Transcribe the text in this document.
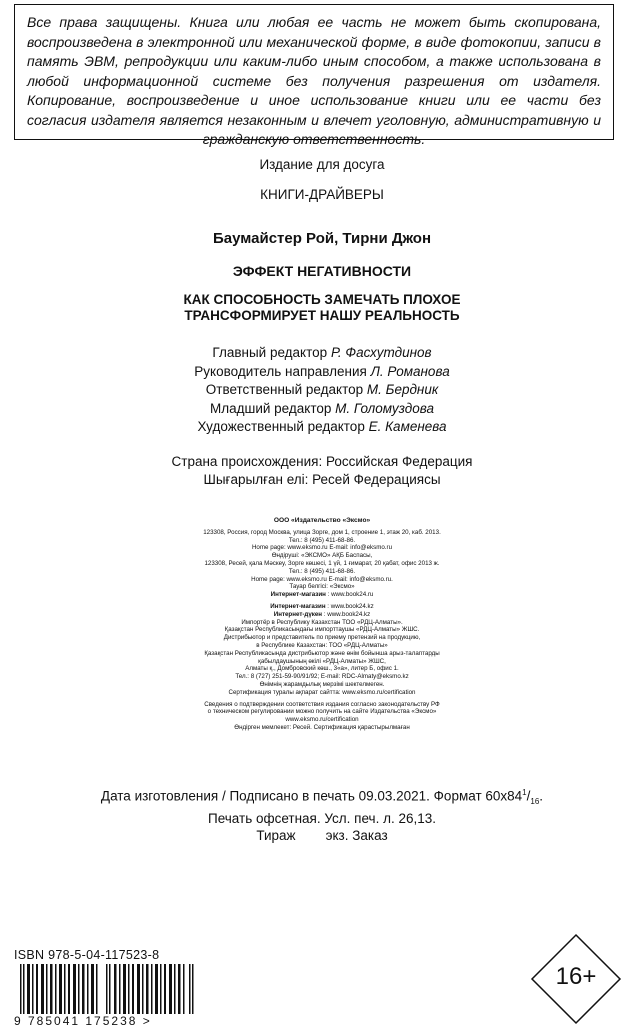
Все права защищены. Книга или любая ее часть не может быть скопирована, воспроизведена в электронной или механической форме, в виде фотокопии, записи в память ЭВМ, репродукции или каким-либо иным способом, а также использована в любой информационной системе без получения разрешения от издателя. Копирование, воспроизведение и иное использование книги или ее части без согласия издателя является незаконным и влечет уголовную, административную и гражданскую ответственность.
Издание для досуга
КНИГИ-ДРАЙВЕРЫ
Баумайстер Рой, Тирни Джон
ЭФФЕКТ НЕГАТИВНОСТИ
КАК СПОСОБНОСТЬ ЗАМЕЧАТЬ ПЛОХОЕ
ТРАНСФОРМИРУЕТ НАШУ РЕАЛЬНОСТЬ
Главный редактор Р. Фасхутдинов
Руководитель направления Л. Романова
Ответственный редактор М. Бердник
Младший редактор М. Голомуздова
Художественный редактор Е. Каменева
Страна происхождения: Российская Федерация
Шығарылған елі: Ресей Федерациясы
ООО «Издательство «Эксмо»
123308, Россия, город Москва, улица Зорге, дом 1, строение 1, этаж 20, каб. 2013.
Тел.: 8 (495) 411-68-86.
Home page: www.eksmo.ru E-mail: info@eksmo.ru
Өндіруші: «ЭКСМО» АҚБ Баспасы,
123308, Ресей, қала Мәскеу, Зорге көшесі, 1 үй, 1 ғимарат, 20 қабат, офис 2013 ж.
Тел.: 8 (495) 411-68-86.
Home page: www.eksmo.ru E-mail: info@eksmo.ru.
Тауар белгісі: «Эксмо»
Интернет-магазин : www.book24.ru
Интернет-магазин : www.book24.kz
Интернет-дүкен : www.book24.kz
Импортёр в Республику Казахстан ТОО «РДЦ-Алматы».
Қазақстан Республикасындағы импорттаушы «РДЦ-Алматы» ЖШС.
Дистрибьютор и представитель по приему претензий на продукцию,
в Республике Казахстан: ТОО «РДЦ-Алматы»
Қазақстан Республикасында дистрибьютор және өнім бойынша арыз-талаптарды
қабылдаушының өкілі «РДЦ-Алматы» ЖШС,
Алматы қ., Домбровский көш., 3«а», литер Б, офис 1.
Тел.: 8 (727) 251-59-90/91/92; E-mail: RDC-Almaty@eksmo.kz
Өнімнің жарамдылық мерзімі шектелмеген.
Сертификация туралы ақпарат сайтта: www.eksmo.ru/certification
Сведения о подтверждении соответствия издания согласно законодательству РФ
о техническом регулировании можно получить на сайте Издательства «Эксмо»
www.eksmo.ru/certification
Өндірген мемлекет: Ресей. Сертификация қарастырылмаған
Дата изготовления / Подписано в печать 09.03.2021. Формат $60х84^1/_{16}$.
Печать офсетная. Усл. печ. л. 26,13.
Тираж        экз. Заказ
ISBN 978-5-04-117523-8
9 785041 175238 >
16+
